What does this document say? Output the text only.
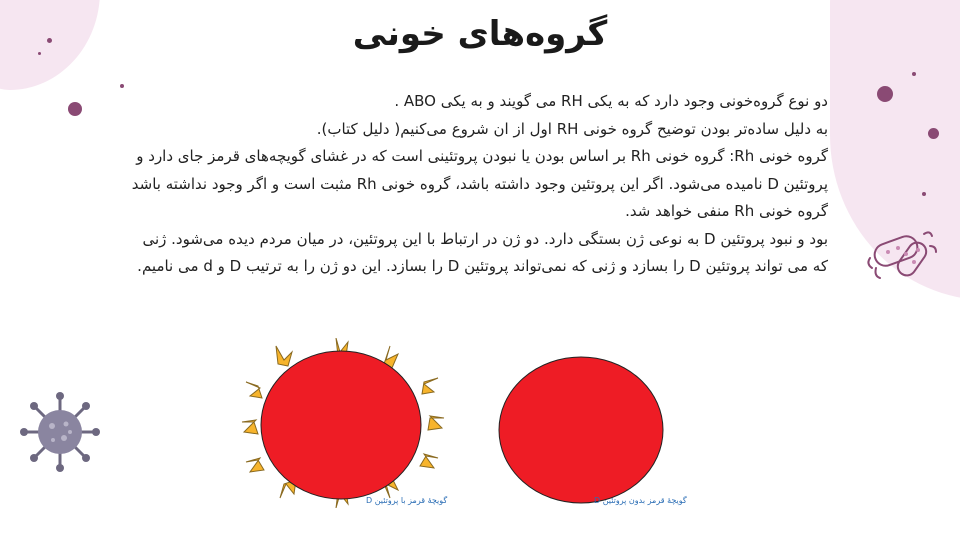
گروه‌های خونی

دو نوع گروه‌خونی وجود دارد که به یکی RH می گویند و به یکی ABO .

به دلیل ساده‌تر بودن توضیح گروه خونی RH اول از ان شروع می‌کنیم( دلیل کتاب).

گروه خونی Rh: گروه خونی Rh بر اساس بودن یا نبودن پروتئینی است که در غشای گویچه‌های قرمز جای دارد و پروتئین D نامیده می‌شود. اگر این پروتئین وجود داشته باشد، گروه خونی Rh مثبت است و اگر وجود نداشته باشد گروه خونی Rh منفی خواهد شد.

بود و نبود پروتئین D به نوعی ژن بستگی دارد. دو ژن در ارتباط با این پروتئین، در میان مردم دیده می‌شود. ژنی که می تواند پروتئین D را بسازد و ژنی که نمی‌تواند پروتئین D را بسازد. این دو ژن را به ترتیب D و d می نامیم.

گویچهٔ قرمز با پروتئین D	گویچهٔ قرمز بدون پروتئین D
